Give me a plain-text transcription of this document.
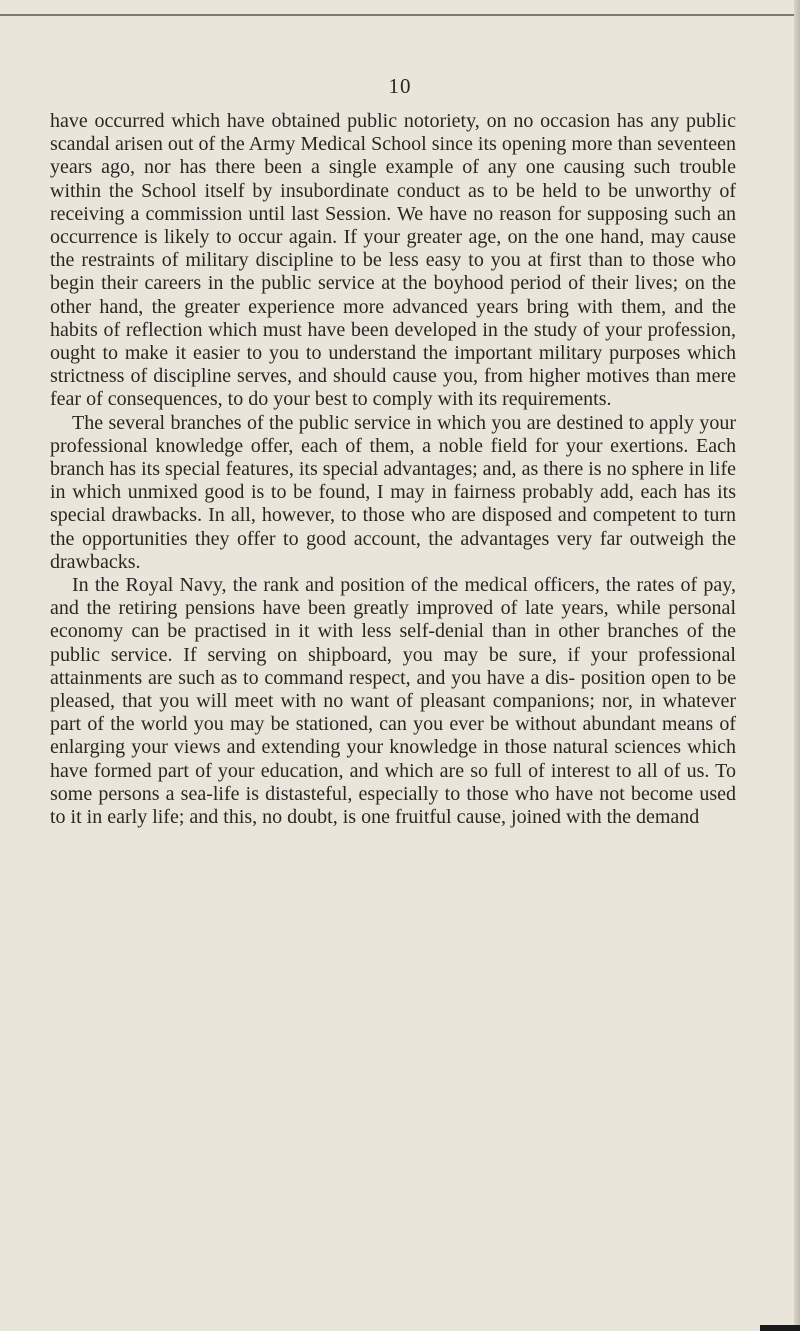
10

have occurred which have obtained public notoriety, on no occasion has any public scandal arisen out of the Army Medical School since its opening more than seventeen years ago, nor has there been a single example of any one causing such trouble within the School itself by insubordinate conduct as to be held to be unworthy of receiving a commission until last Session. We have no reason for supposing such an occurrence is likely to occur again. If your greater age, on the one hand, may cause the restraints of military discipline to be less easy to you at first than to those who begin their careers in the public service at the boyhood period of their lives; on the other hand, the greater experience more advanced years bring with them, and the habits of reflection which must have been developed in the study of your profession, ought to make it easier to you to understand the important military purposes which strictness of discipline serves, and should cause you, from higher motives than mere fear of consequences, to do your best to comply with its requirements.

The several branches of the public service in which you are destined to apply your professional knowledge offer, each of them, a noble field for your exertions. Each branch has its special features, its special advantages; and, as there is no sphere in life in which unmixed good is to be found, I may in fairness probably add, each has its special drawbacks. In all, however, to those who are disposed and competent to turn the opportunities they offer to good account, the advantages very far outweigh the drawbacks.

In the Royal Navy, the rank and position of the medical officers, the rates of pay, and the retiring pensions have been greatly improved of late years, while personal economy can be practised in it with less self-denial than in other branches of the public service. If serving on shipboard, you may be sure, if your professional attainments are such as to command respect, and you have a dis- position open to be pleased, that you will meet with no want of pleasant companions; nor, in whatever part of the world you may be stationed, can you ever be without abundant means of enlarging your views and extending your knowledge in those natural sciences which have formed part of your education, and which are so full of interest to all of us. To some persons a sea-life is distasteful, especially to those who have not become used to it in early life; and this, no doubt, is one fruitful cause, joined with the demand
